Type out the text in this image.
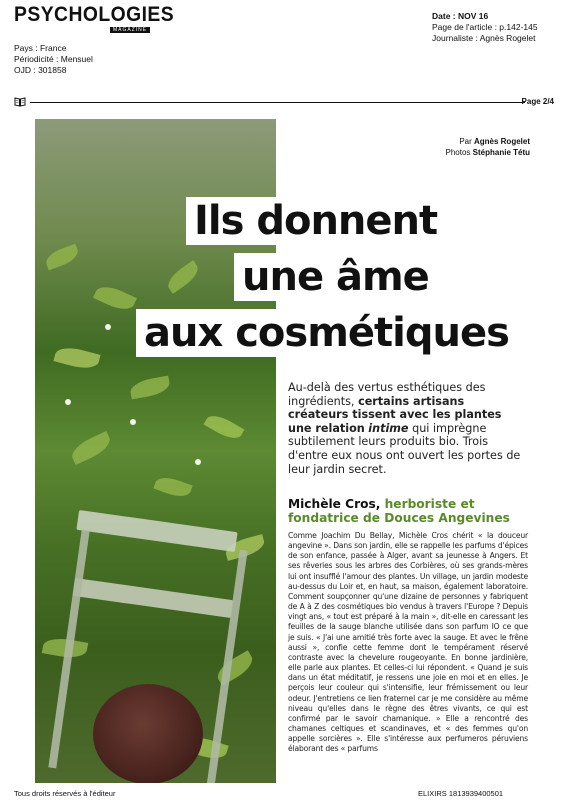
PSYCHOLOGIES
MAGAZINE
Pays : France
Périodicité : Mensuel
OJD : 301858
Date : NOV 16
Page de l'article : p.142-145
Journaliste : Agnès Rogelet
Page 2/4
Par Agnès Rogelet
Photos Stéphanie Tétu
Ils donnent
une âme
aux cosmétiques
Au-delà des vertus esthétiques des ingrédients, certains artisans créateurs tissent avec les plantes une relation intime qui imprègne subtilement leurs produits bio. Trois d'entre eux nous ont ouvert les portes de leur jardin secret.
Michèle Cros, herboriste et fondatrice de Douces Angevines

Comme Joachim Du Bellay, Michèle Cros chérit « la douceur angevine ». Dans son jardin, elle se rappelle les parfums d'épices de son enfance, passée à Alger, avant sa jeunesse à Angers. Et ses rêveries sous les arbres des Corbières, où ses grands-mères lui ont insufflé l'amour des plantes. Un village, un jardin modeste au-dessus du Loir et, en haut, sa maison, également laboratoire. Comment soupçonner qu'une dizaine de personnes y fabriquent de A à Z des cosmétiques bio vendus à travers l'Europe ? Depuis vingt ans, « tout est préparé à la main », dit-elle en caressant les feuilles de la sauge blanche utilisée dans son parfum IO ce que je suis. « J'ai une amitié très forte avec la sauge. Et avec le frêne aussi », confie cette femme dont le tempérament réservé contraste avec la chevelure rougeoyante. En bonne jardinière, elle parle aux plantes. Et celles-ci lui répondent. « Quand je suis dans un état méditatif, je ressens une joie en moi et en elles. Je perçois leur couleur qui s'intensifie, leur frémissement ou leur odeur. J'entretiens ce lien fraternel car je me considère au même niveau qu'elles dans le règne des êtres vivants, ce qui est confirmé par le savoir chamanique. » Elle a rencontré des chamanes celtiques et scandinaves, et « des femmes qu'on appelle sorcières ». Elle s'intéresse aux perfumeros péruviens élaborant des « parfums

Tous droits réservés à l'éditeur	ELIXIRS 1813939400501
